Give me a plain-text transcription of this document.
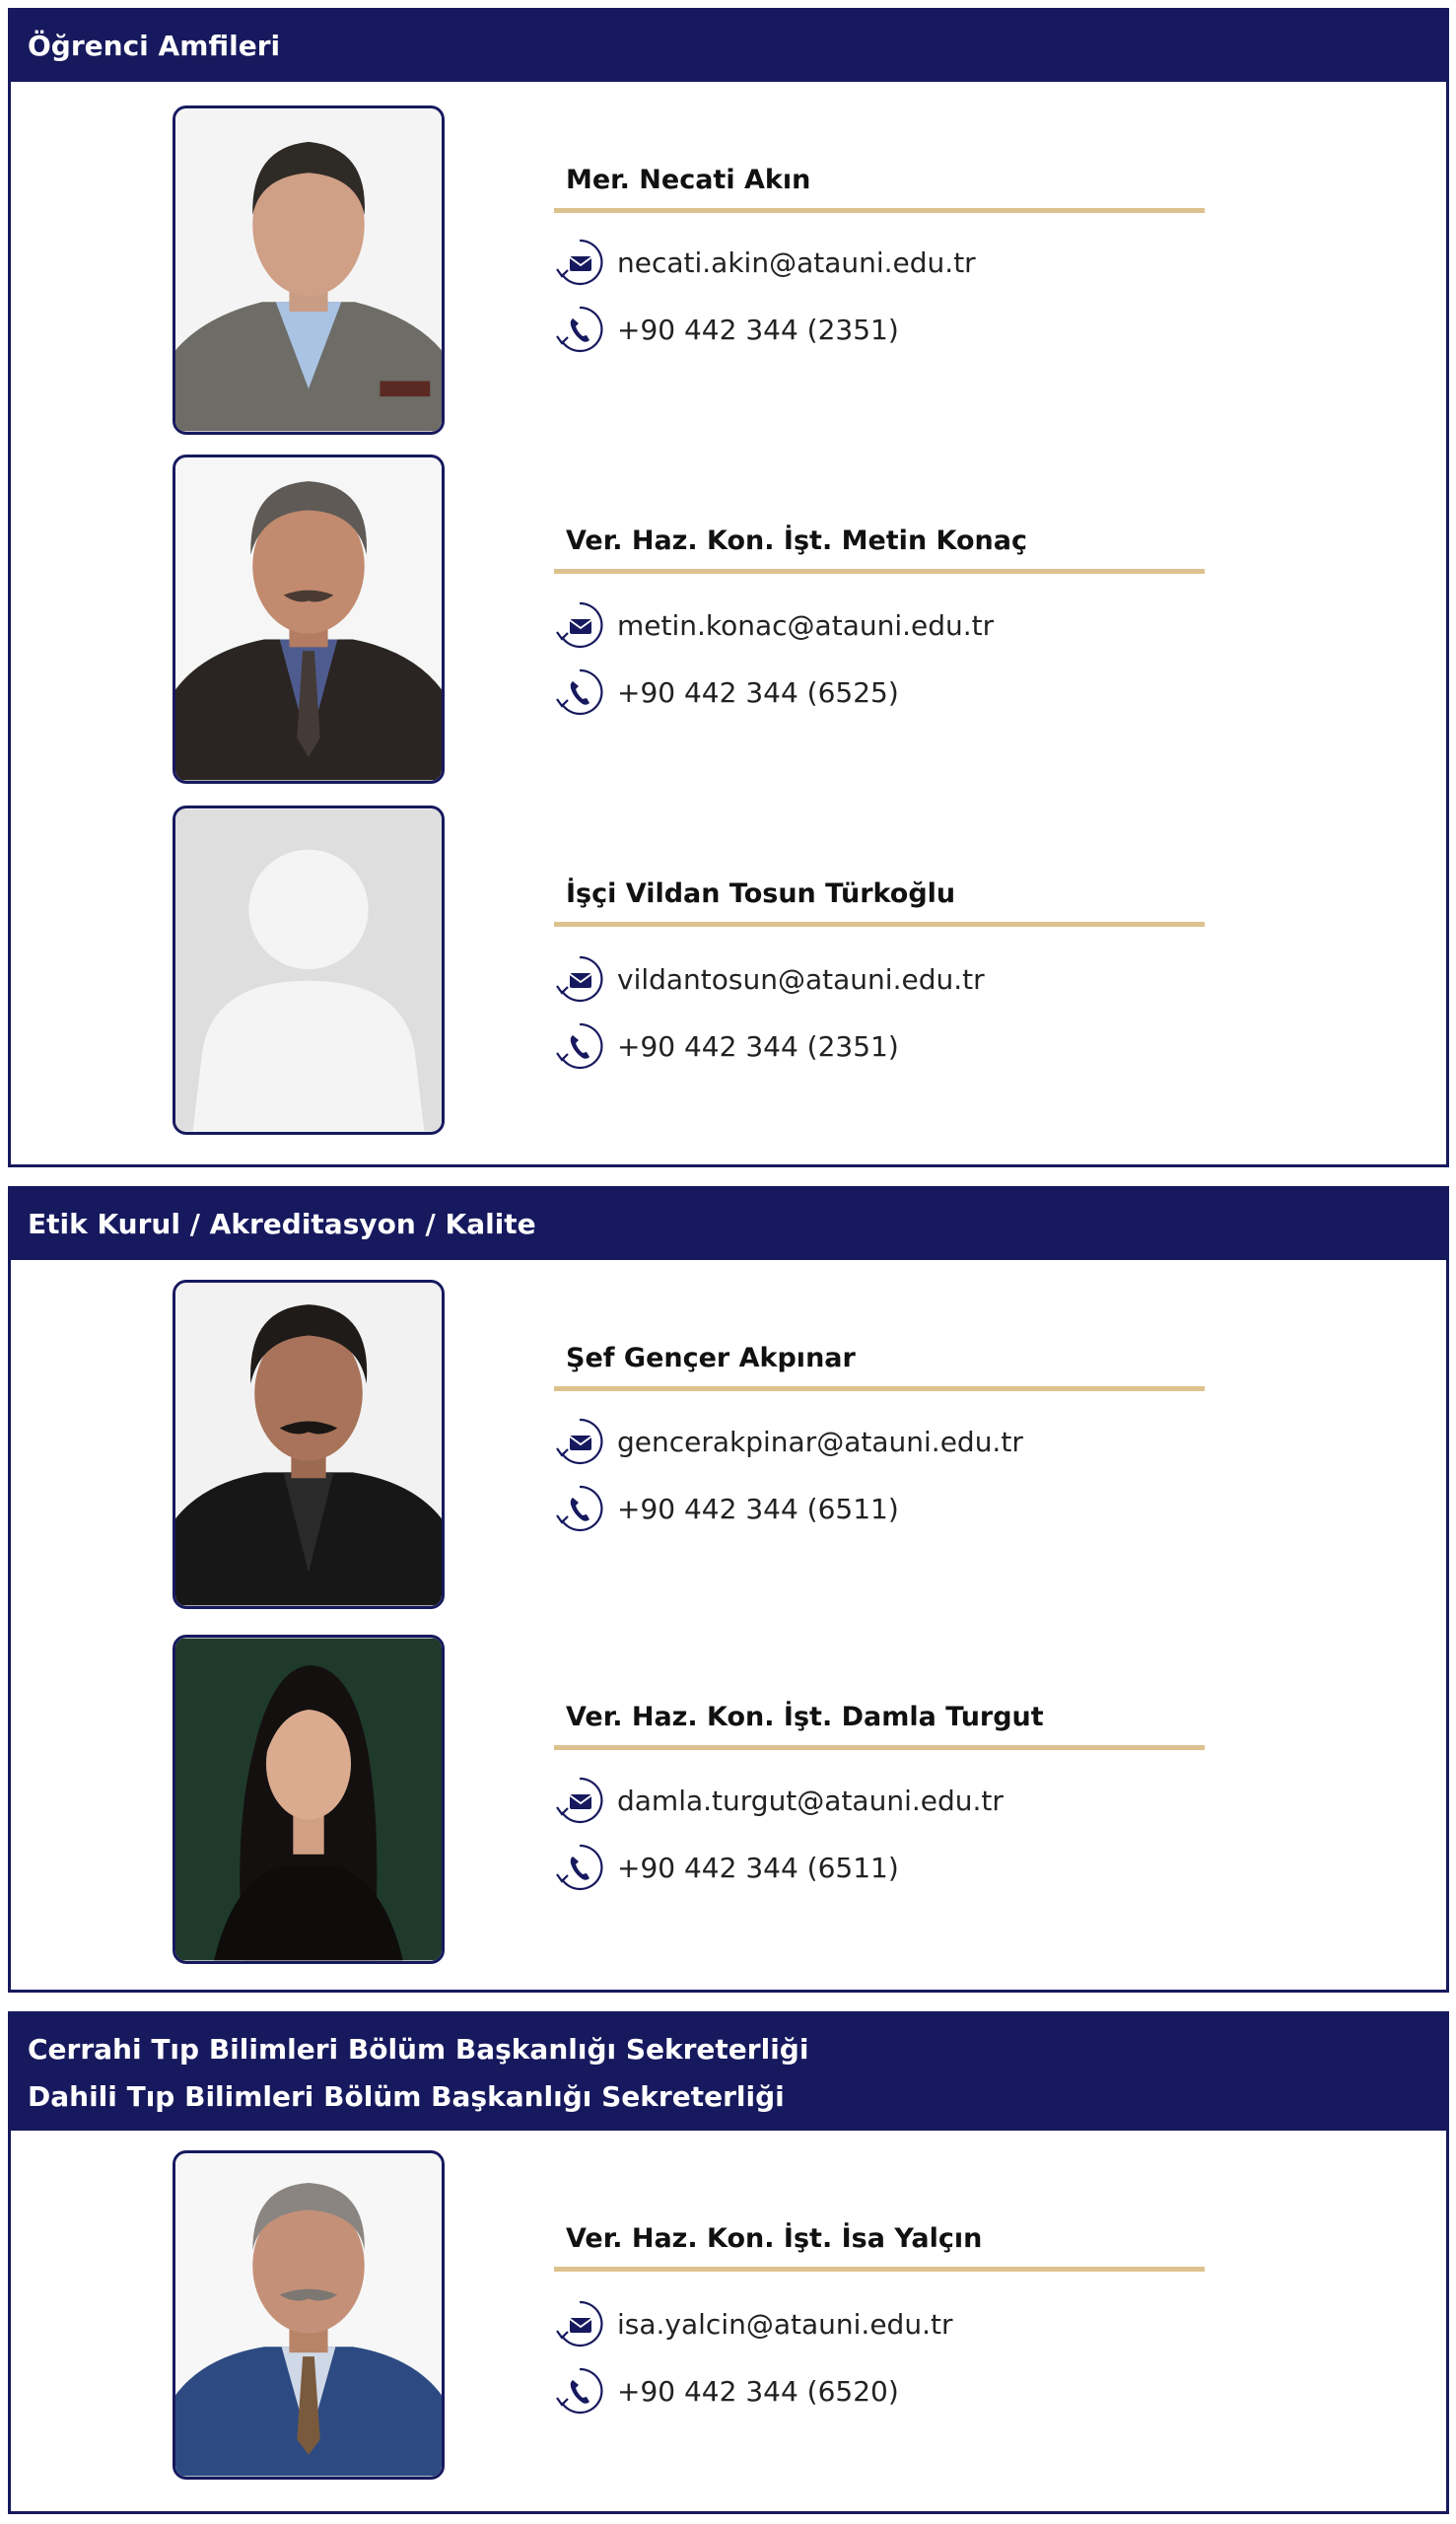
Öğrenci Amfileri
Mer. Necati Akın
necati.akin@atauni.edu.tr
+90 442 344 (2351)
Ver. Haz. Kon. İşt. Metin Konaç
metin.konac@atauni.edu.tr
+90 442 344 (6525)
İşçi Vildan Tosun Türkoğlu
vildantosun@atauni.edu.tr
+90 442 344 (2351)
Etik Kurul / Akreditasyon / Kalite
Şef Gençer Akpınar
gencerakpinar@atauni.edu.tr
+90 442 344 (6511)
Ver. Haz. Kon. İşt. Damla Turgut
damla.turgut@atauni.edu.tr
+90 442 344 (6511)
Cerrahi Tıp Bilimleri Bölüm Başkanlığı Sekreterliği
Dahili Tıp Bilimleri Bölüm Başkanlığı Sekreterliği
Ver. Haz. Kon. İşt. İsa Yalçın
isa.yalcin@atauni.edu.tr
+90 442 344 (6520)
